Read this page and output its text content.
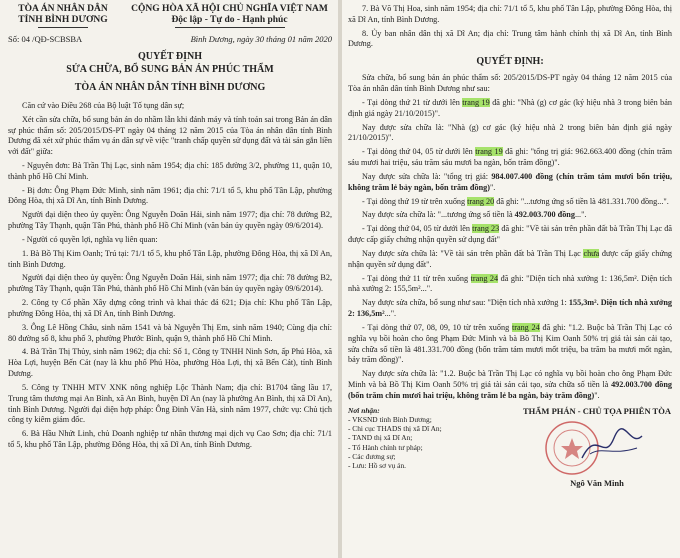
TÒA ÁN NHÂN DÂN
TỈNH BÌNH DƯƠNG
CỘNG HÒA XÃ HỘI CHỦ NGHĨA VIỆT NAM
Độc lập - Tự do - Hạnh phúc
Số: 04 /QĐ-SCBSBA	Bình Dương, ngày 30 tháng 01 năm 2020
QUYẾT ĐỊNH
SỬA CHỮA, BỔ SUNG BẢN ÁN PHÚC THẨM
TÒA ÁN NHÂN DÂN TỈNH BÌNH DƯƠNG

Căn cứ vào Điều 268 của Bộ luật Tố tụng dân sự;

Xét cần sửa chữa, bổ sung bản án do nhầm lẫn khi đánh máy và tính toán sai trong Bản án dân sự phúc thẩm số: 205/2015/DS-PT ngày 04 tháng 12 năm 2015 của Tòa án nhân dân tỉnh Bình Dương đã xét xử phúc thẩm vụ án dân sự về việc "tranh chấp quyền sử dụng đất và tài sản gắn liền với đất" giữa:

- Nguyên đơn: Bà Trần Thị Lạc, sinh năm 1954; địa chỉ: 185 đường 3/2, phường 11, quận 10, thành phố Hồ Chí Minh.

- Bị đơn: Ông Phạm Đức Minh, sinh năm 1961; địa chỉ: 71/1 tổ 5, khu phố Tân Lập, phường Đông Hòa, thị xã Dĩ An, tỉnh Bình Dương.

Người đại diện theo ủy quyền: Ông Nguyễn Doãn Hải, sinh năm 1977; địa chỉ: 78 đường B2, phường Tây Thạnh, quận Tân Phú, thành phố Hồ Chí Minh (văn bản ủy quyền ngày 09/6/2014).

- Người có quyền lợi, nghĩa vụ liên quan:

1. Bà Bồ Thị Kim Oanh; Trú tại: 71/1 tổ 5, khu phố Tân Lập, phường Đông Hòa, thị xã Dĩ An, tỉnh Bình Dương.

Người đại diện theo ủy quyền: Ông Nguyễn Doãn Hải, sinh năm 1977; địa chỉ: 78 đường B2, phường Tây Thạnh, quận Tân Phú, thành phố Hồ Chí Minh (văn bản ủy quyền ngày 09/6/2014).

2. Công ty Cổ phần Xây dựng công trình và khai thác đá 621; Địa chỉ: Khu phố Tân Lập, phường Đông Hòa, thị xã Dĩ An, tỉnh Bình Dương.

3. Ông Lê Hồng Châu, sinh năm 1541 và bà Nguyễn Thị Em, sinh năm 1940; Cùng địa chỉ: 80 đường số 8, khu phố 3, phường Phước Bình, quận 9, thành phố Hồ Chí Minh.

4. Bà Trần Thị Thủy, sinh năm 1962; địa chỉ: Số 1, Công ty TNHH Ninh Sơn, ấp Phú Hòa, xã Hòa Lợi, huyện Bến Cát (nay là khu phố Phú Hòa, phường Hòa Lợi, thị xã Bến Cát), tỉnh Bình Dương.

5. Công ty TNHH MTV XNK nông nghiệp Lộc Thành Nam; địa chỉ: B1704 tầng lầu 17, Trung tâm thương mại An Bình, xã An Bình, huyện Dĩ An (nay là phường An Bình, thị xã Dĩ An), tỉnh Bình Dương. Người đại diện hợp pháp: Ông Đinh Văn Hà, sinh năm 1977, chức vụ: Chủ tịch công ty kiêm giám đốc.

6. Bà Hầu Nhứt Linh, chủ Doanh nghiệp tư nhân thương mại dịch vụ Cao Sơn; địa chỉ: 71/1 tổ 5, khu phố Tân Lập, phường Đông Hòa, thị xã Dĩ An, tỉnh Bình Dương.

7. Bà Võ Thị Hoa, sinh năm 1954; địa chỉ: 71/1 tổ 5, khu phố Tân Lập, phường Đông Hòa, thị xã Dĩ An, tỉnh Bình Dương.

8. Ủy ban nhân dân thị xã Dĩ An; địa chỉ: Trung tâm hành chính thị xã Dĩ An, tỉnh Bình Dương.

QUYẾT ĐỊNH:

Sửa chữa, bổ sung bản án phúc thẩm số: 205/2015/DS-PT ngày 04 tháng 12 năm 2015 của Tòa án nhân dân tỉnh Bình Dương như sau:

- Tại dòng thứ 21 từ dưới lên trang 19 đã ghi: "Nhà (g) cơ gác (ký hiệu nhà 3 trong biên bản định giá ngày 21/10/2015)".

Nay được sửa chữa là: "Nhà (g) cơ gác (ký hiệu nhà 2 trong biên bản định giá ngày 21/10/2015)".

- Tại dòng thứ 04, 05 từ dưới lên trang 19 đã ghi: "tổng trị giá: 962.663.400 đồng (chín trăm sáu mươi hai triệu, sáu trăm sáu mươi ba ngàn, bốn trăm đồng)".

Nay được sửa chữa là: "tổng trị giá: 984.007.400 đồng (chín trăm tám mươi bốn triệu, không trăm lẻ bảy ngàn, bốn trăm đồng)".

- Tại dòng thứ 19 từ trên xuống trang 20 đã ghi: "...tương ứng số tiền là 481.331.700 đồng...".

Nay được sửa chữa là: "...tương ứng số tiền là 492.003.700 đồng...".

- Tại dòng thứ 04, 05 từ dưới lên trang 23 đã ghi: "Về tài sản trên phần đất bà Trần Thị Lạc đã được cấp giấy chứng nhận quyền sử dụng đất"

Nay được sửa chữa là: "Về tài sản trên phần đất bà Trần Thị Lạc chưa được cấp giấy chứng nhận quyền sử dụng đất".

- Tại dòng thứ 11 từ trên xuống trang 24 đã ghi: "Diện tích nhà xưởng 1: 136,5m². Diện tích nhà xưởng 2: 155,5m²...".

Nay được sửa chữa, bổ sung như sau: "Diện tích nhà xưởng 1: 155,3m². Diện tích nhà xưởng 2: 136,5m²...".

- Tại dòng thứ 07, 08, 09, 10 từ trên xuống trang 24 đã ghi: "1.2. Buộc bà Trần Thị Lạc có nghĩa vụ bồi hoàn cho ông Phạm Đức Minh và bà Bồ Thị Kim Oanh 50% trị giá tài sản cải tạo, sửa chữa số tiền là 481.331.700 đồng (bốn trăm tám mươi mốt triệu, ba trăm ba mươi mốt ngàn, bảy trăm đồng)".

Nay được sửa chữa là: "1.2. Buộc bà Trần Thị Lạc có nghĩa vụ bồi hoàn cho ông Phạm Đức Minh và bà Bồ Thị Kim Oanh 50% trị giá tài sản cải tạo, sửa chữa số tiền là 492.003.700 đồng (bốn trăm chín mươi hai triệu, không trăm lẻ ba ngàn, bảy trăm đồng)".

Nơi nhận:
- VKSND tỉnh Bình Dương;
- Chi cục THADS thị xã Dĩ An;
- TAND thị xã Dĩ An;
- Tổ Hành chính tư pháp;
- Các đương sự;
- Lưu: Hồ sơ vụ án.
THẨM PHÁN - CHỦ TỌA PHIÊN TÒA
Ngô Văn Minh
